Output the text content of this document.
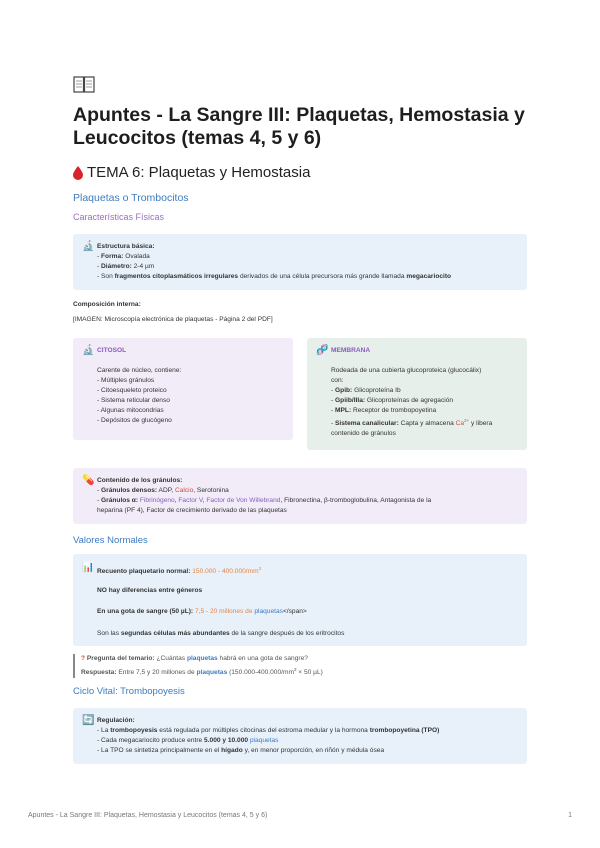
Apuntes - La Sangre III: Plaquetas, Hemostasia y Leucocitos (temas 4, 5 y 6)
TEMA 6: Plaquetas y Hemostasia
Plaquetas o Trombocitos
Características Físicas
🔬 Estructura básica:
- Forma: Ovalada
- Diámetro: 2-4 µm
- Son fragmentos citoplasmáticos irregulares derivados de una célula precursora más grande llamada megacariocito
Composición interna:
[IMAGEN: Microscopía electrónica de plaquetas - Página 2 del PDF]
🔬 CITOSOL
Carente de núcleo, contiene:
- Múltiples gránulos
- Citoesqueleto proteico
- Sistema reticular denso
- Algunas mitocondrias
- Depósitos de glucógeno
🧬 MEMBRANA
Rodeada de una cubierta glucoproteica (glucocálix)
con:
- Gpib: Glicoproteína Ib
- Gpiib/IIIa: Glicoproteínas de agregación
- MPL: Receptor de trombopoyetina
- Sistema canalicular: Capta y almacena $Ca^{2+}$ y libera
contenido de gránulos
💊 Contenido de los gránulos:
- Gránulos densos: ADP, Calcio, Serotonina
- Gránulos α: Fibrinógeno, Factor V, Factor de Von Willebrand, Fibronectina, β-tromboglobulina, Antagonista de la
heparina (PF 4), Factor de crecimiento derivado de las plaquetas
Valores Normales
📊 Recuento plaquetario normal: $150.000 - 400.000/mm^3$
NO hay diferencias entre géneros
En una gota de sangre (50 µL): 7,5 - 20 millones de plaquetas</span>
Son las segundas células más abundantes de la sangre después de los eritrocitos
? Pregunta del temario: ¿Cuántas plaquetas habrá en una gota de sangre?
Respuesta: Entre 7,5 y 20 millones de plaquetas ($150.000-400.000/mm^3 \times 50$ µL)
Ciclo Vital: Trombopoyesis
🔄 Regulación:
- La trombopoyesis está regulada por múltiples citocinas del estroma medular y la hormona trombopoyetina (TPO)
- Cada megacariocito produce entre 5.000 y 10.000 plaquetas
- La TPO se sintetiza principalmente en el hígado y, en menor proporción, en riñón y médula ósea
Apuntes - La Sangre III: Plaquetas, Hemostasia y Leucocitos (temas 4, 5 y 6)	1
